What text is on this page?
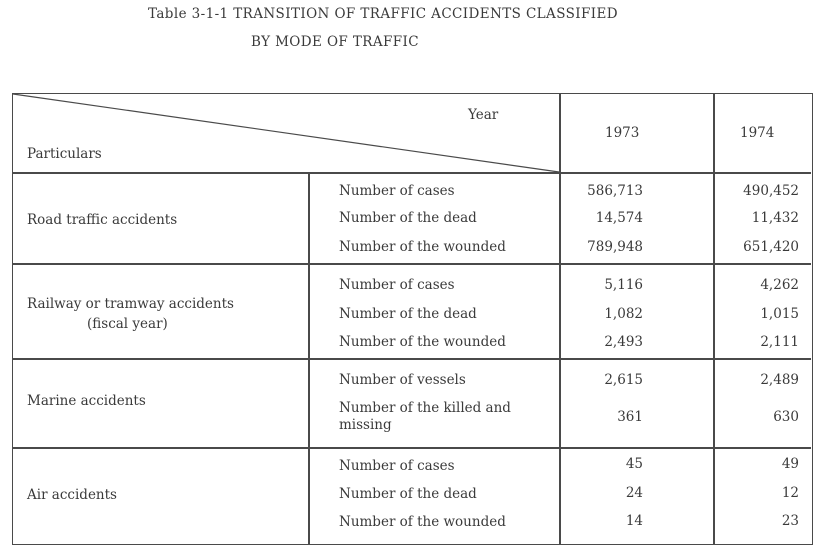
Table 3-1-1 TRANSITION OF TRAFFIC ACCIDENTS CLASSIFIED
BY MODE OF TRAFFIC
Year
Particulars
1973	1974
Road traffic accidents
Number of cases	586,713	490,452
Number of the dead	14,574	11,432
Number of the wounded	789,948	651,420
Railway or tramway accidents
(fiscal year)
Number of cases	5,116	4,262
Number of the dead	1,082	1,015
Number of the wounded	2,493	2,111
Marine accidents
Number of vessels	2,615	2,489
Number of the killed and missing	361	630
Air accidents
Number of cases	45	49
Number of the dead	24	12
Number of the wounded	14	23
